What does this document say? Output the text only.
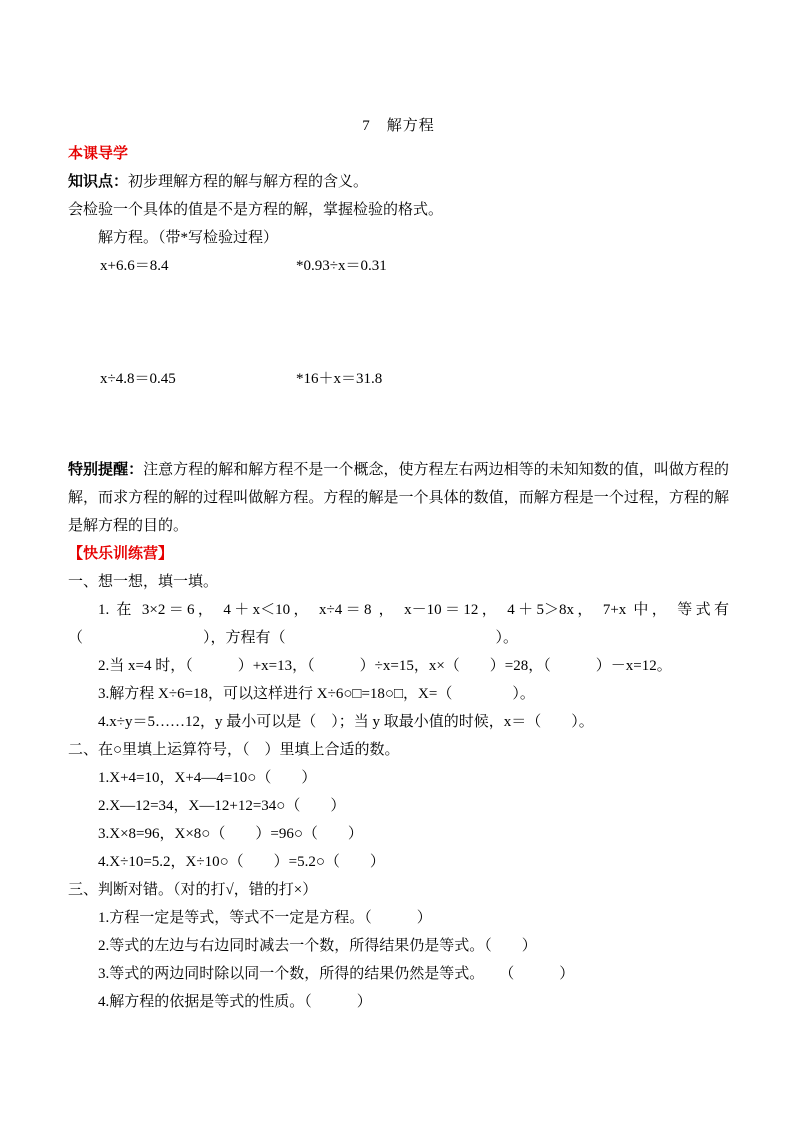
7　解方程

本课导学

知识点：初步理解方程的解与解方程的含义。

会检验一个具体的值是不是方程的解，掌握检验的格式。

解方程。（带*写检验过程）

x+6.6＝8.4	*0.93÷x＝0.31

x÷4.8＝0.45	*16＋x＝31.8

特别提醒：注意方程的解和解方程不是一个概念，使方程左右两边相等的未知知数的值，叫做方程的解，而求方程的解的过程叫做解方程。方程的解是一个具体的数值，而解方程是一个过程，方程的解是解方程的目的。

【快乐训练营】

一、想一想，填一填。

1. 在 3×2＝6， 4＋x＜10， x÷4＝8 ， x－10＝12， 4＋5＞8x， 7+x 中， 等式有

（　　　　　　　　），方程有（　　　　　　　　　　　　　　）。

2.当 x=4 时，（　　　）+x=13，（　　　）÷x=15，x×（　　）=28，（　　　）－x=12。

3.解方程 X÷6=18，可以这样进行 X÷6○□=18○□，X=（　　　　）。

4.x÷y＝5……12，y 最小可以是（　）；当 y 取最小值的时候，x＝（　　）。

二、在○里填上运算符号，（　）里填上合适的数。

1.X+4=10，X+4—4=10○（　　）

2.X—12=34，X—12+12=34○（　　）

3.X×8=96，X×8○（　　）=96○（　　）

4.X÷10=5.2，X÷10○（　　）=5.2○（　　）

三、判断对错。（对的打√，错的打×）

1.方程一定是等式，等式不一定是方程。（　　　）

2.等式的左边与右边同时减去一个数，所得结果仍是等式。（　　）

3.等式的两边同时除以同一个数，所得的结果仍然是等式。　　（　　　）

4.解方程的依据是等式的性质。（　　　）
